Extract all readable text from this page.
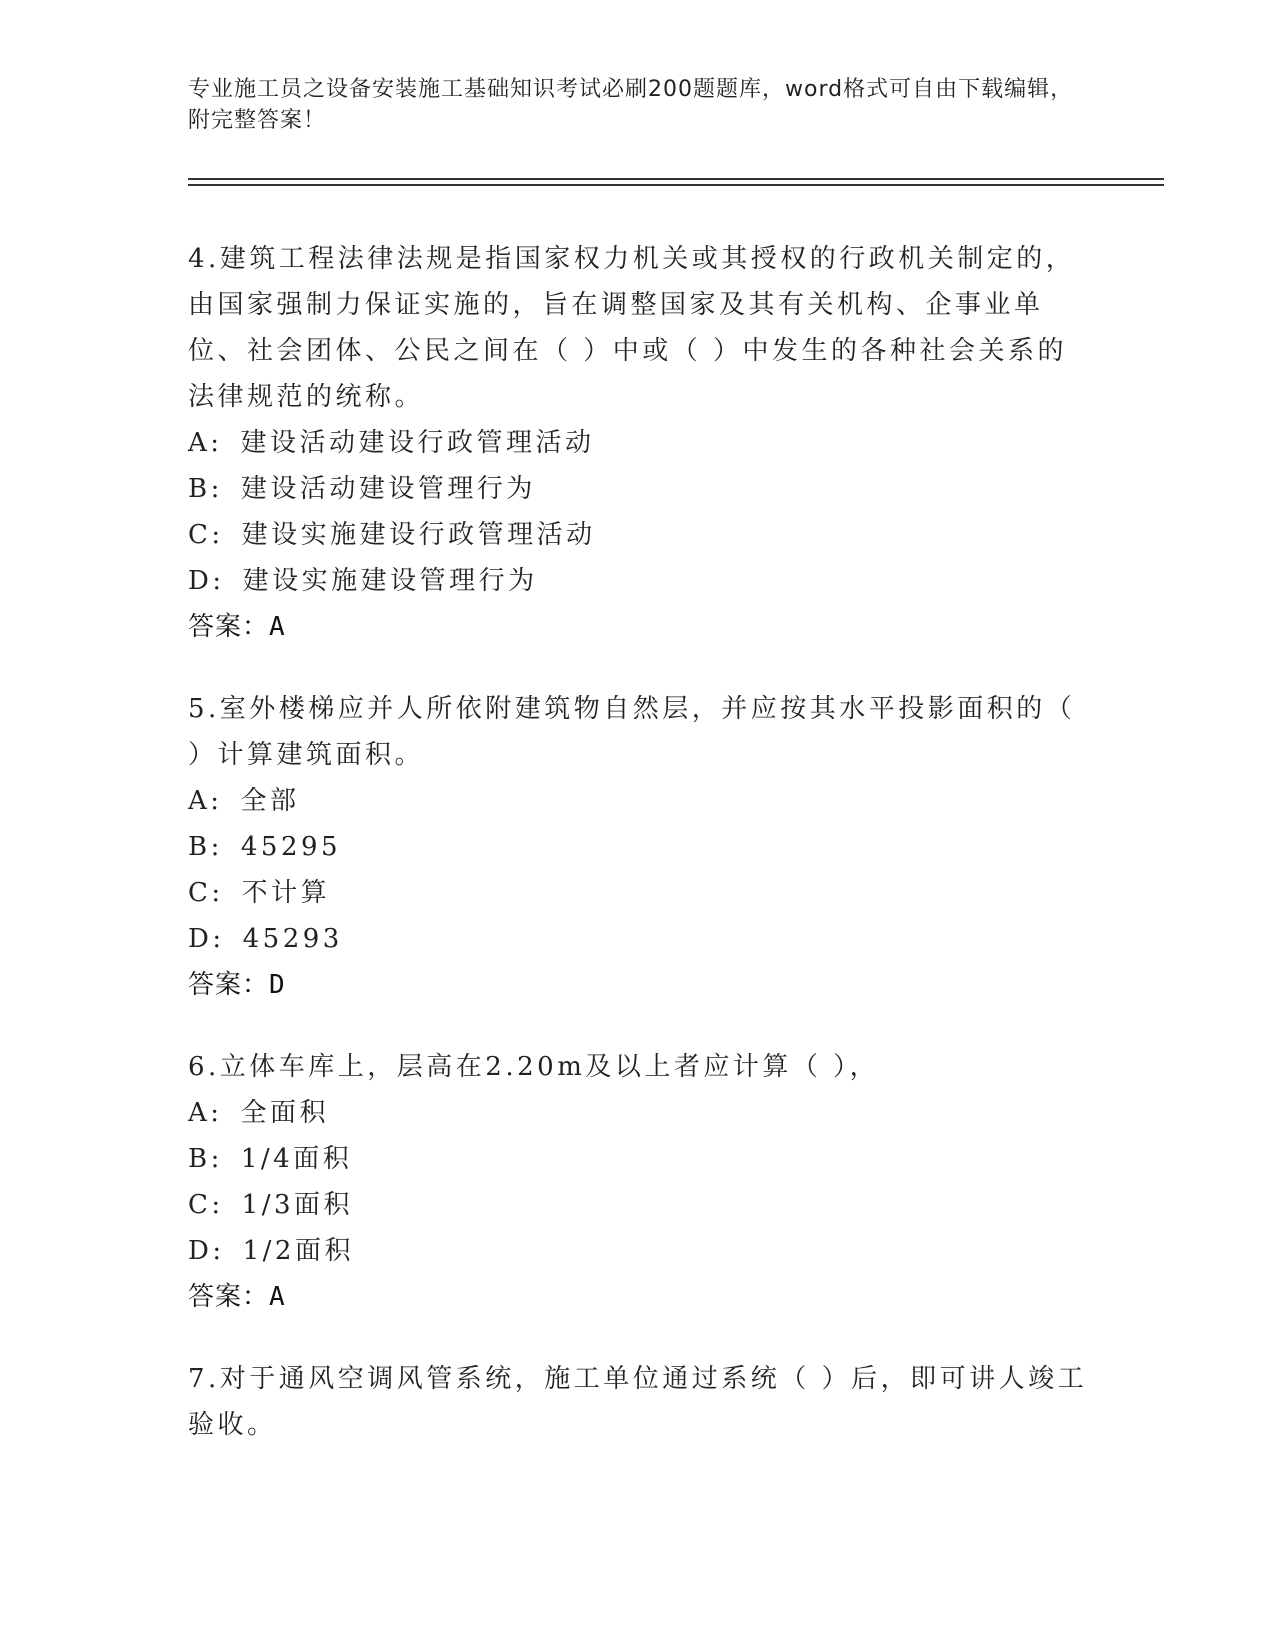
专业施工员之设备安装施工基础知识考试必刷200题题库，word格式可自由下载编辑，附完整答案！
4.建筑工程法律法规是指国家权力机关或其授权的行政机关制定的，由国家强制力保证实施的，旨在调整国家及其有关机构、企事业单位、社会团体、公民之间在（ ）中或（ ）中发生的各种社会关系的法律规范的统称。
A: 建设活动建设行政管理活动
B: 建设活动建设管理行为
C: 建设实施建设行政管理活动
D: 建设实施建设管理行为
答案：A
5.室外楼梯应并人所依附建筑物自然层，并应按其水平投影面积的（ ）计算建筑面积。
A: 全部
B: 45295
C: 不计算
D: 45293
答案：D
6.立体车库上，层高在2.20m及以上者应计算（ ），
A: 全面积
B: 1/4面积
C: 1/3面积
D: 1/2面积
答案：A
7.对于通风空调风管系统，施工单位通过系统（ ）后，即可讲人竣工验收。
